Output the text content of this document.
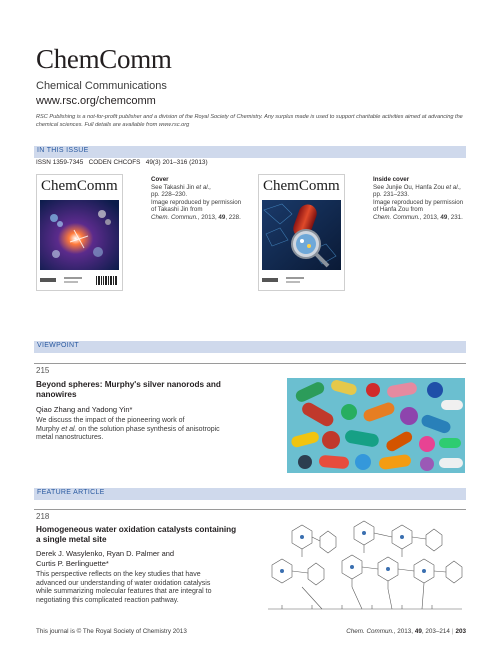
ChemComm
Chemical Communications
www.rsc.org/chemcomm
RSC Publishing is a not-for-profit publisher and a division of the Royal Society of Chemistry. Any surplus made is used to support charitable activities aimed at advancing the chemical sciences. Full details are available from www.rsc.org
IN THIS ISSUE
ISSN 1359-7345 CODEN CHCOFS 49(3) 201–316 (2013)
ChemComm	Cover
See Takashi Jin et al.,
pp. 228–230.
Image reproduced by permission
of Takashi Jin from
Chem. Commun., 2013, 49, 228.
ChemComm	Inside cover
See Junjie Ou, Hanfa Zou et al.,
pp. 231–233.
Image reproduced by permission
of Hanfa Zou from
Chem. Commun., 2013, 49, 231.
VIEWPOINT
215
Beyond spheres: Murphy's silver nanorods and
nanowires
Qiao Zhang and Yadong Yin*
We discuss the impact of the pioneering work of
Murphy et al. on the solution phase synthesis of anisotropic
metal nanostructures.
FEATURE ARTICLE
218
Homogeneous water oxidation catalysts containing
a single metal site
Derek J. Wasylenko, Ryan D. Palmer and
Curtis P. Berlinguette*
This perspective reflects on the key studies that have
advanced our understanding of water oxidation catalysis
while summarizing molecular features that are integral to
negotiating this complicated reaction pathway.
This journal is © The Royal Society of Chemistry 2013	Chem. Commun., 2013, 49, 203–214 | 203
